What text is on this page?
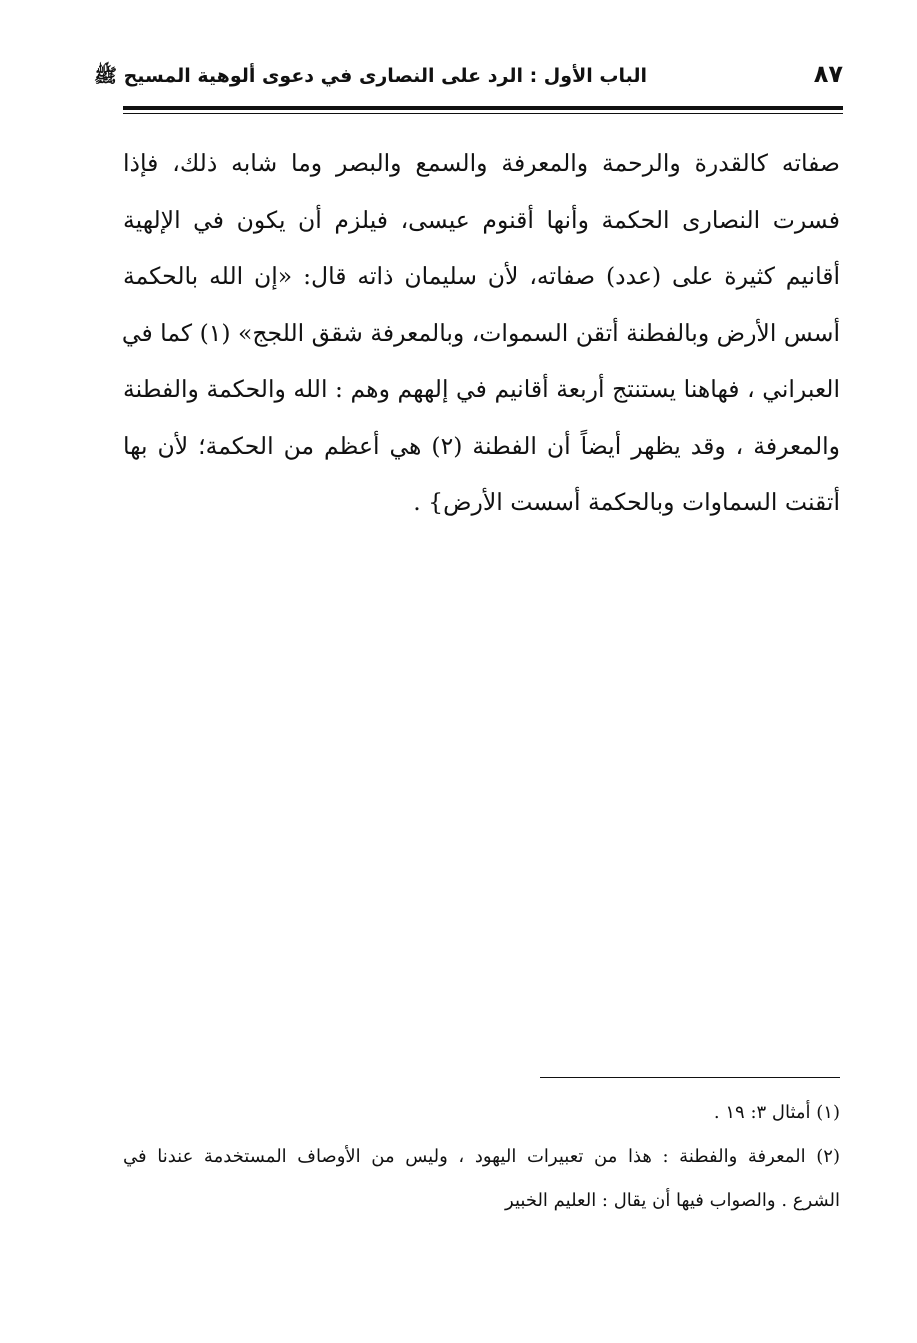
الباب الأول : الرد على النصارى في دعوى ألوهية المسيح ﷺ	٨٧
صفاته كالقدرة والرحمة والمعرفة والسمع والبصر وما شابه ذلك، فإذا
فسرت النصارى الحكمة وأنها أقنوم عيسى، فيلزم أن يكون في الإلهية
أقانيم كثيرة على (عدد) صفاته، لأن سليمان ذاته قال: «إن الله بالحكمة
أسس الأرض وبالفطنة أتقن السموات، وبالمعرفة شقق اللجج» (١) كما في
العبراني ، فهاهنا يستنتج أربعة أقانيم في إلههم وهم : الله والحكمة والفطنة
والمعرفة ، وقد يظهر أيضاً أن الفطنة (٢) هي أعظم من الحكمة؛ لأن بها
أتقنت السماوات وبالحكمة أسست الأرض} .
(١) أمثال ٣: ١٩ .
(٢) المعرفة والفطنة : هذا من تعبيرات اليهود ، وليس من الأوصاف المستخدمة عندنا في
الشرع . والصواب فيها أن يقال : العليم الخبير
